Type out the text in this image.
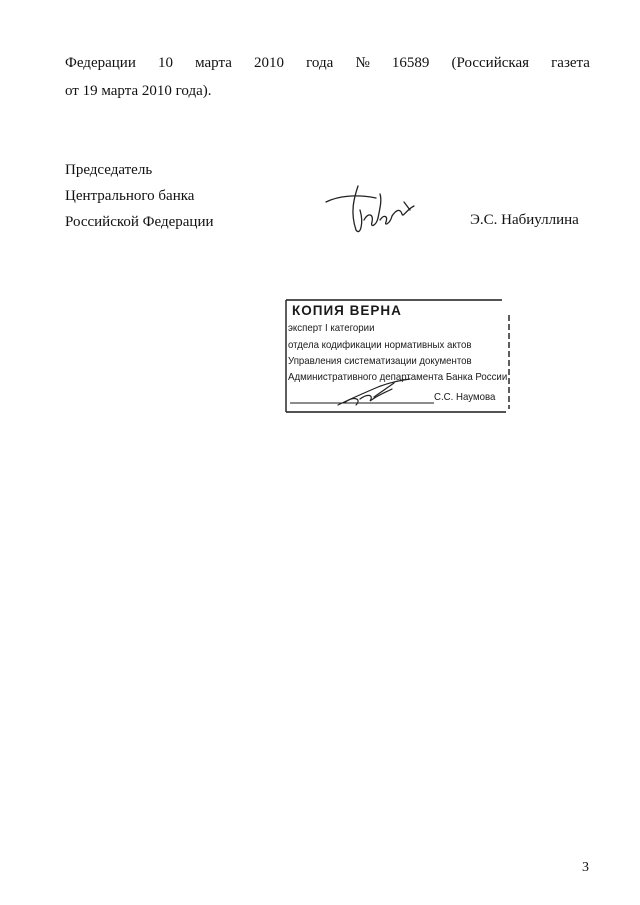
Федерации 10 марта 2010 года № 16589 (Российская газета
от 19 марта 2010 года).
Председатель
Центрального банка
Российской Федерации	Э.С. Набиуллина
КОПИЯ ВЕРНА
эксперт I категории
отдела кодификации нормативных актов
Управления систематизации документов
Административного департамента Банка России
С.С. Наумова
3
